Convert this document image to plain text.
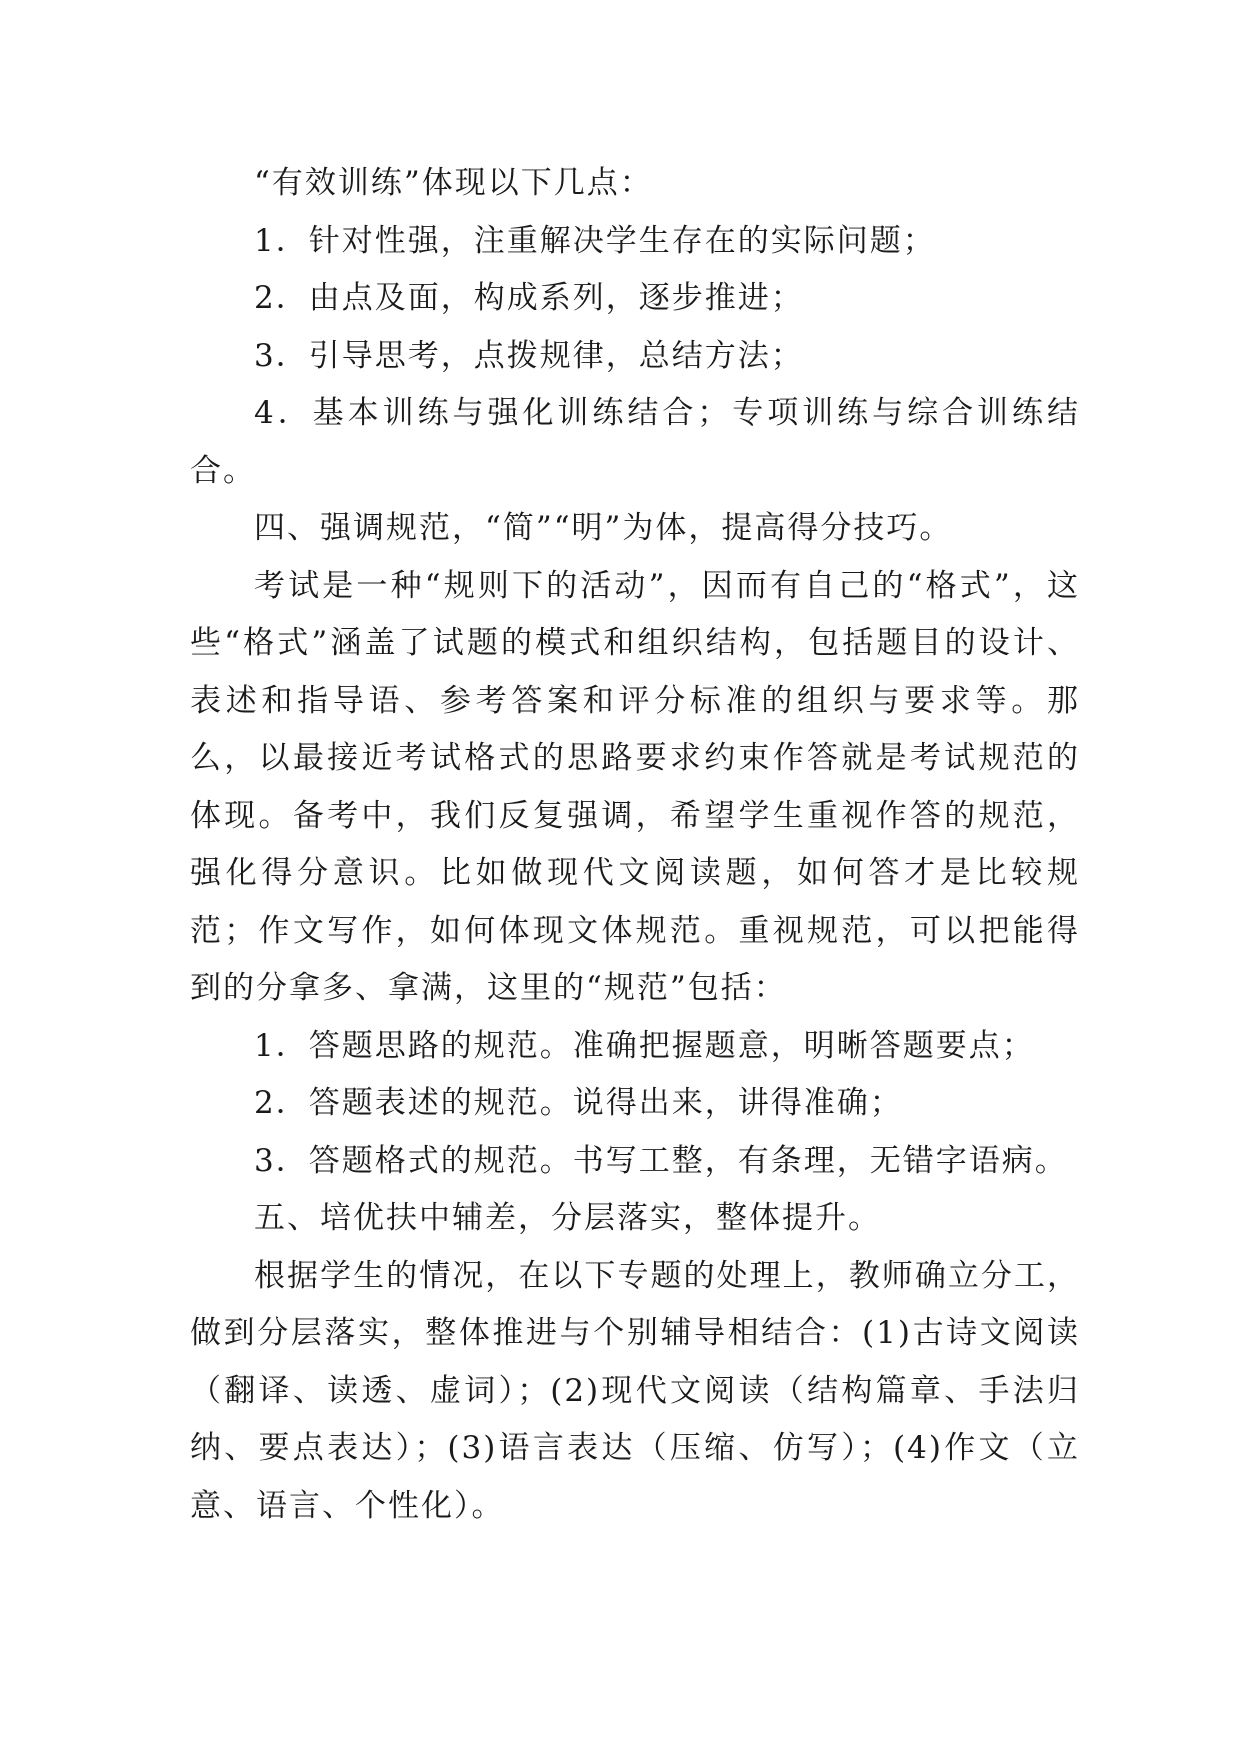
“有效训练”体现以下几点：

1．针对性强，注重解决学生存在的实际问题；

2．由点及面，构成系列，逐步推进；

3．引导思考，点拨规律，总结方法；

4．基本训练与强化训练结合；专项训练与综合训练结合。

四、强调规范，“简”“明”为体，提高得分技巧。

考试是一种“规则下的活动”，因而有自己的“格式”，这些“格式”涵盖了试题的模式和组织结构，包括题目的设计、表述和指导语、参考答案和评分标准的组织与要求等。那么，以最接近考试格式的思路要求约束作答就是考试规范的体现。备考中，我们反复强调，希望学生重视作答的规范，强化得分意识。比如做现代文阅读题，如何答才是比较规范；作文写作，如何体现文体规范。重视规范，可以把能得到的分拿多、拿满，这里的“规范”包括：

1．答题思路的规范。准确把握题意，明晰答题要点；

2．答题表述的规范。说得出来，讲得准确；

3．答题格式的规范。书写工整，有条理，无错字语病。

五、培优扶中辅差，分层落实，整体提升。

根据学生的情况，在以下专题的处理上，教师确立分工，做到分层落实，整体推进与个别辅导相结合：(1)古诗文阅读（翻译、读透、虚词）；(2)现代文阅读（结构篇章、手法归纳、要点表达）；(3)语言表达（压缩、仿写）；(4)作文（立意、语言、个性化）。
